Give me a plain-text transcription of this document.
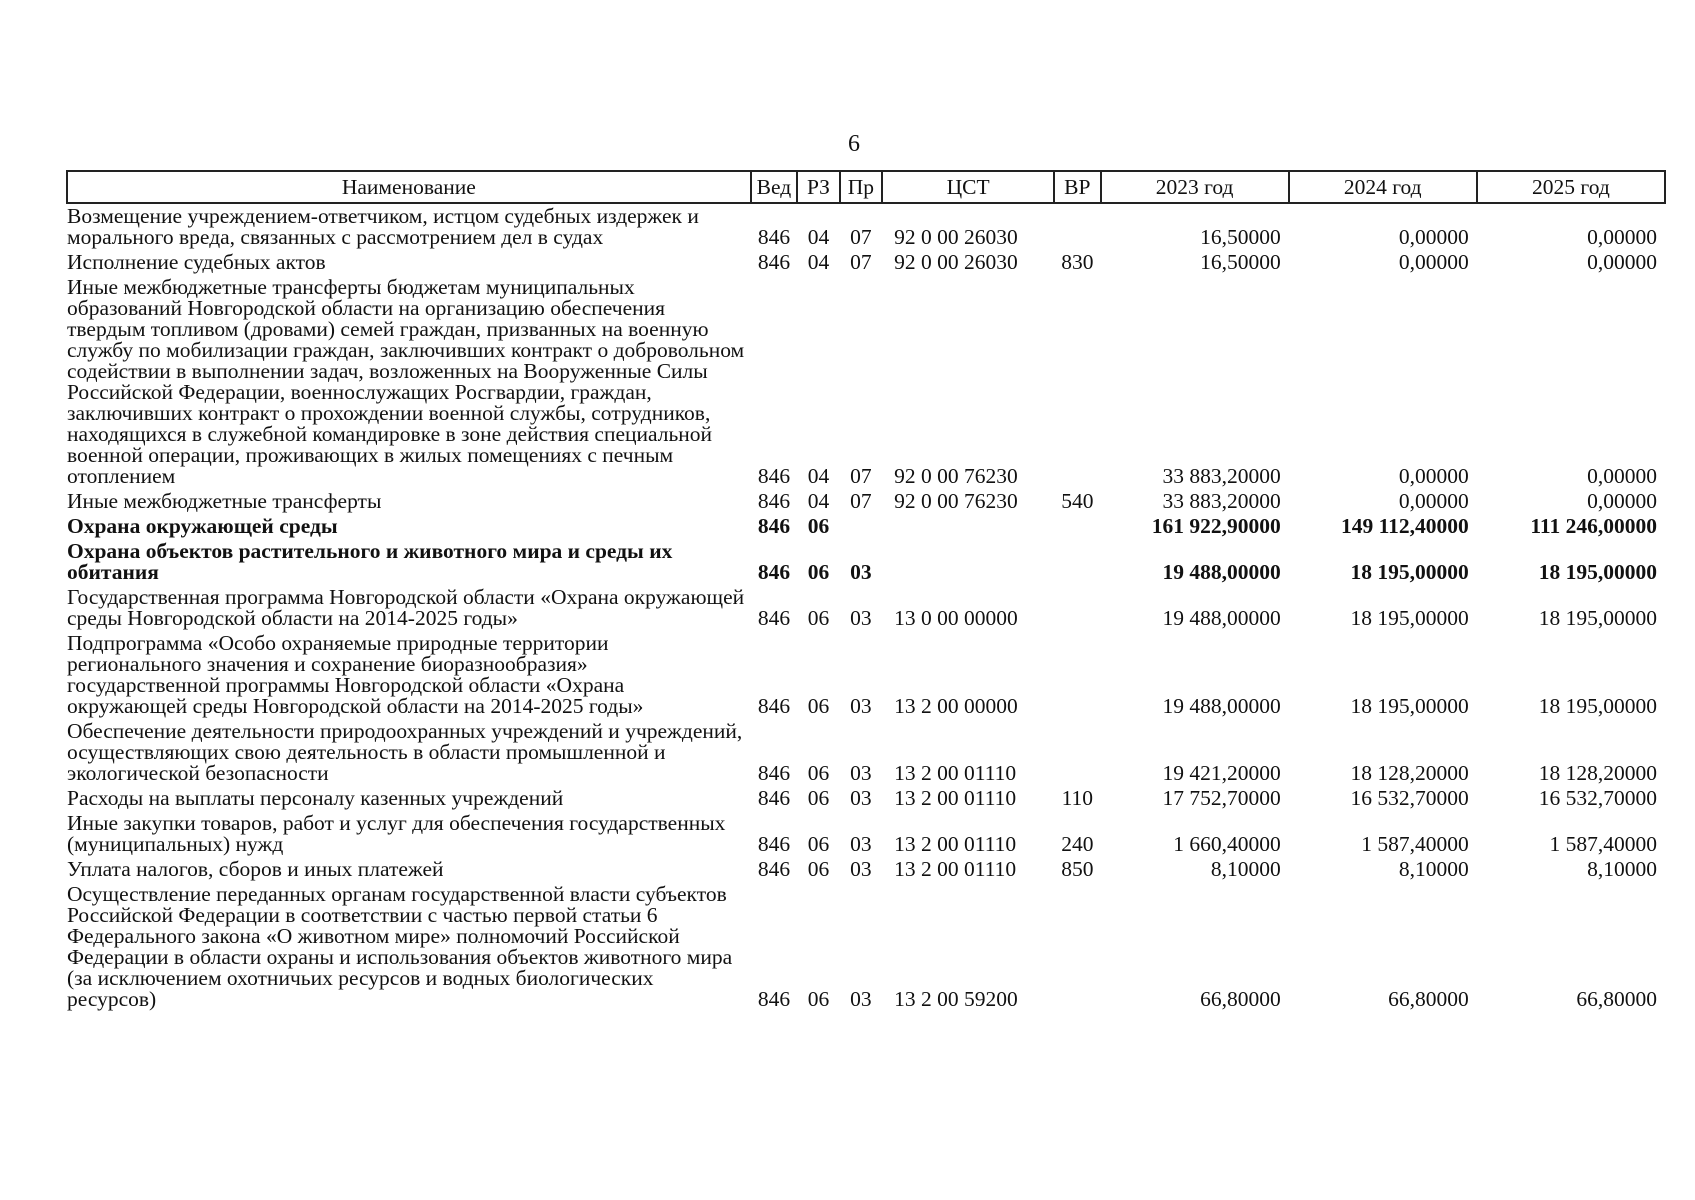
6
Наименование	Вед	РЗ	Пр	ЦСТ	ВР	2023 год	2024 год	2025 год
Возмещение учреждением-ответчиком, истцом судебных издержек и морального вреда, связанных с рассмотрением дел в судах	846	04	07	92 0 00 26030		16,50000	0,00000	0,00000
Исполнение судебных актов	846	04	07	92 0 00 26030	830	16,50000	0,00000	0,00000
Иные межбюджетные трансферты бюджетам муниципальных образований Новгородской области на организацию обеспечения твердым топливом (дровами) семей граждан, призванных на военную службу по мобилизации граждан, заключивших контракт о добровольном содействии в выполнении задач, возложенных на Вооруженные Силы Российской Федерации, военнослужащих Росгвардии, граждан, заключивших контракт о прохождении военной службы, сотрудников, находящихся в служебной командировке в зоне действия специальной военной операции, проживающих в жилых помещениях с печным отоплением	846	04	07	92 0 00 76230		33 883,20000	0,00000	0,00000
Иные межбюджетные трансферты	846	04	07	92 0 00 76230	540	33 883,20000	0,00000	0,00000
Охрана окружающей среды	846	06				161 922,90000	149 112,40000	111 246,00000
Охрана объектов растительного и животного мира и среды их обитания	846	06	03			19 488,00000	18 195,00000	18 195,00000
Государственная программа Новгородской области «Охрана окружающей среды Новгородской области на 2014-2025 годы»	846	06	03	13 0 00 00000		19 488,00000	18 195,00000	18 195,00000
Подпрограмма «Особо охраняемые природные территории регионального значения и сохранение биоразнообразия» государственной программы Новгородской области «Охрана окружающей среды Новгородской области на 2014-2025 годы»	846	06	03	13 2 00 00000		19 488,00000	18 195,00000	18 195,00000
Обеспечение деятельности природоохранных учреждений и учреждений, осуществляющих свою деятельность в области промышленной и экологической безопасности	846	06	03	13 2 00 01110		19 421,20000	18 128,20000	18 128,20000
Расходы на выплаты персоналу казенных учреждений	846	06	03	13 2 00 01110	110	17 752,70000	16 532,70000	16 532,70000
Иные закупки товаров, работ и услуг для обеспечения государственных (муниципальных) нужд	846	06	03	13 2 00 01110	240	1 660,40000	1 587,40000	1 587,40000
Уплата налогов, сборов и иных платежей	846	06	03	13 2 00 01110	850	8,10000	8,10000	8,10000
Осуществление переданных органам государственной власти субъектов Российской Федерации в соответствии с частью первой статьи 6 Федерального закона «О животном мире» полномочий Российской Федерации в области охраны и использования объектов животного мира (за исключением охотничьих ресурсов и водных биологических ресурсов)	846	06	03	13 2 00 59200		66,80000	66,80000	66,80000
